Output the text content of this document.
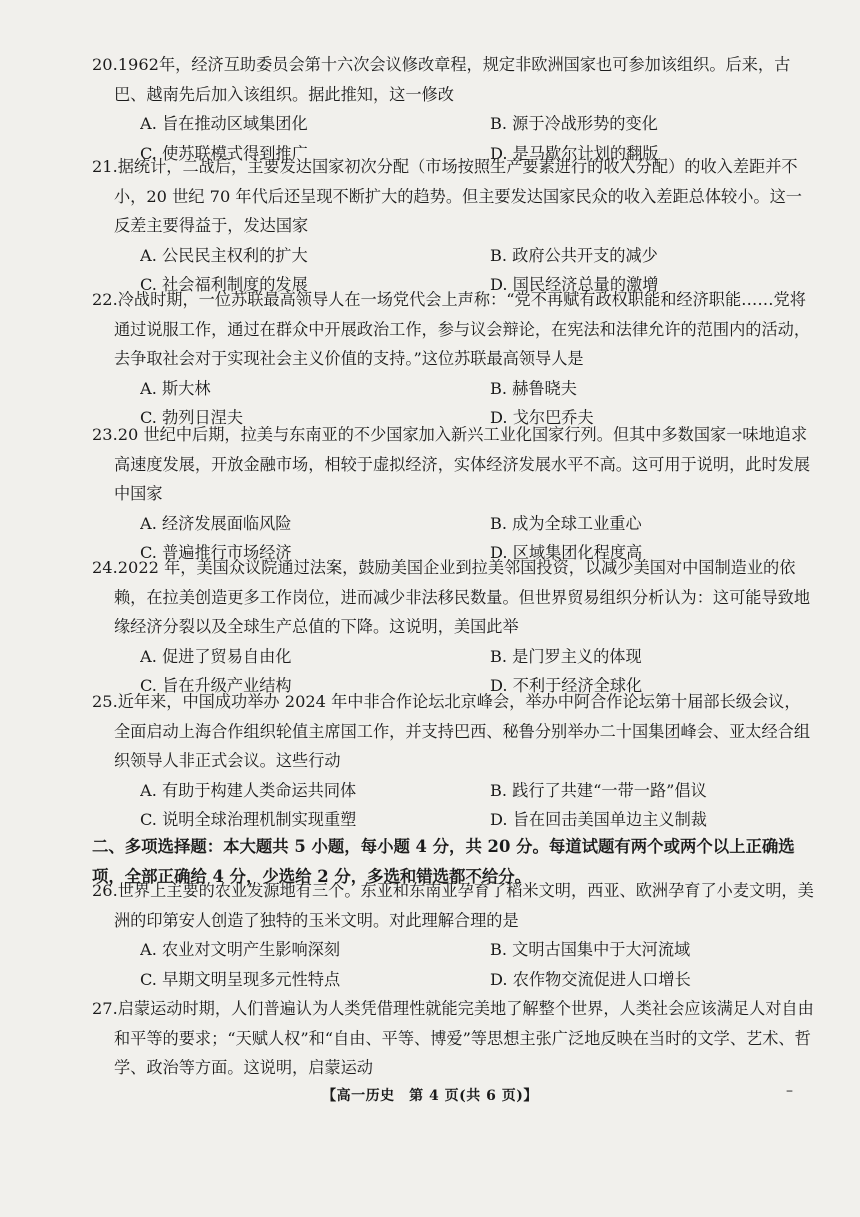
20.1962年，经济互助委员会第十六次会议修改章程，规定非欧洲国家也可参加该组织。后来，古巴、越南先后加入该组织。据此推知，这一修改

A. 旨在推动区域集团化	B. 源于冷战形势的变化
C. 使苏联模式得到推广	D. 是马歇尔计划的翻版

21.据统计，二战后，主要发达国家初次分配（市场按照生产要素进行的收入分配）的收入差距并不小，20 世纪 70 年代后还呈现不断扩大的趋势。但主要发达国家民众的收入差距总体较小。这一反差主要得益于，发达国家

A. 公民民主权利的扩大	B. 政府公共开支的减少
C. 社会福利制度的发展	D. 国民经济总量的激增

22.冷战时期，一位苏联最高领导人在一场党代会上声称：“党不再赋有政权职能和经济职能……党将通过说服工作，通过在群众中开展政治工作，参与议会辩论，在宪法和法律允许的范围内的活动，去争取社会对于实现社会主义价值的支持。”这位苏联最高领导人是

A. 斯大林	B. 赫鲁晓夫
C. 勃列日涅夫	D. 戈尔巴乔夫

23.20 世纪中后期，拉美与东南亚的不少国家加入新兴工业化国家行列。但其中多数国家一味地追求高速度发展，开放金融市场，相较于虚拟经济，实体经济发展水平不高。这可用于说明，此时发展中国家

A. 经济发展面临风险	B. 成为全球工业重心
C. 普遍推行市场经济	D. 区域集团化程度高

24.2022 年，美国众议院通过法案，鼓励美国企业到拉美邻国投资，以减少美国对中国制造业的依赖，在拉美创造更多工作岗位，进而减少非法移民数量。但世界贸易组织分析认为：这可能导致地缘经济分裂以及全球生产总值的下降。这说明，美国此举

A. 促进了贸易自由化	B. 是门罗主义的体现
C. 旨在升级产业结构	D. 不利于经济全球化

25.近年来，中国成功举办 2024 年中非合作论坛北京峰会，举办中阿合作论坛第十届部长级会议，全面启动上海合作组织轮值主席国工作，并支持巴西、秘鲁分别举办二十国集团峰会、亚太经合组织领导人非正式会议。这些行动

A. 有助于构建人类命运共同体	B. 践行了共建“一带一路”倡议
C. 说明全球治理机制实现重塑	D. 旨在回击美国单边主义制裁
二、多项选择题：本大题共 5 小题，每小题 4 分，共 20 分。每道试题有两个或两个以上正确选项，全部正确给 4 分，少选给 2 分，多选和错选都不给分。

26.世界上主要的农业发源地有三个。东亚和东南亚孕育了稻米文明，西亚、欧洲孕育了小麦文明，美洲的印第安人创造了独特的玉米文明。对此理解合理的是

A. 农业对文明产生影响深刻	B. 文明古国集中于大河流域
C. 早期文明呈现多元性特点	D. 农作物交流促进人口增长

27.启蒙运动时期，人们普遍认为人类凭借理性就能完美地了解整个世界，人类社会应该满足人对自由和平等的要求；“天赋人权”和“自由、平等、博爱”等思想主张广泛地反映在当时的文学、艺术、哲学、政治等方面。这说明，启蒙运动

【高一历史　第 4 页(共 6 页)】	–
